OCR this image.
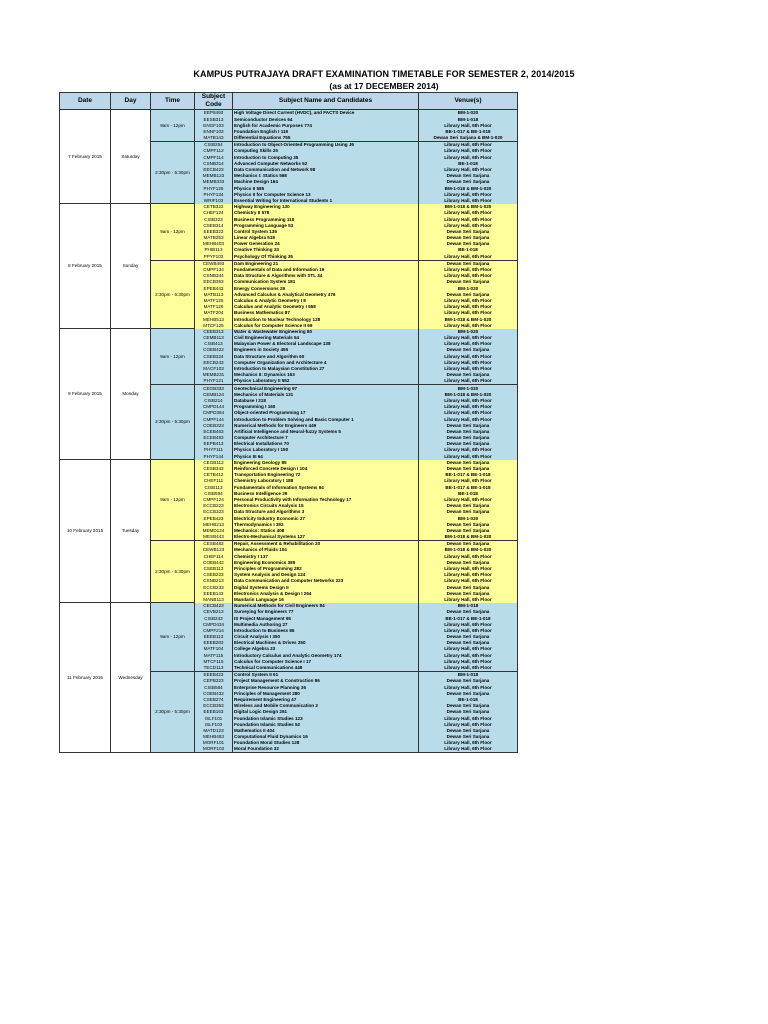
KAMPUS PUTRAJAYA DRAFT EXAMINATION TIMETABLE FOR SEMESTER 2, 2014/2015
(as at 17 DECEMBER 2014)
Date	Day	Time	Subject Code	Subject Name and Candidates	Venue(s)
7 February 2015	Saturday	9am - 12pm	EEP8493	High Voltage Direct Current (HVDC), and FACTS Device	BM-1-020
			EESB313	Semiconductor Devices 64	BM-1-018
			ENGF103	English for Academic Purposes 774	Library Hall, 6th Floor
			ENNF103	Foundation English I 119	BE-1-017 & BE-1-018
			MATB143	Differential Equations 755	Dewan Seri Sarjana & BM-1-020
		2:30pm - 5:30pm	CISB254	Introduction to Object-Oriented Programming Using J6	Library Hall, 6th Floor
			CMPF112	Computing Skills 25	Library Hall, 6th Floor
			CMPF114	Introduction to Computing 35	Library Hall, 6th Floor
			CSNB314	Advanced Computer Networks 52	BE-1-018
			EECB423	Data Communication and Network 98	Library Hall, 6th Floor
			MEMB123	Mechanics I: Statics 568	Dewan Seri Sarjana
			MEMB333	Machine Design 164	Dewan Seri Sarjana
			PHYF125	Physics II 585	BM-1-018 & BM-1-020
			PHYF134	Physics II for Computer Science 13	Library Hall, 6th Floor
			WRIF103	Essential Writing for International Students 1	Library Hall, 6th Floor
8 February 2015	Sunday	9am - 12pm	CETB322	Highway Engineering 130	BM-1-018 & BM-1-020
			CHEF124	Chemistry II 578	Library Hall, 6th Floor
			CISB323	Business Programming 110	Library Hall, 6th Floor
			CSEB314	Programming Language 53	Library Hall, 6th Floor
			EEEB323	Control System 135	Dewan Seri Sarjana
			MATB253	Linear Algebra 518	Dewan Seri Sarjana
			MEHB403	Power Generation 24	Dewan Seri Sarjana
			PHIB113	Creative Thinking 33	BE-1-018
			PPYF103	Psychology Of Thinking 35	Library Hall, 6th Floor
		2:30pm - 5:30pm	CEWB493	Dam Engineering 21	Dewan Seri Sarjana
			CMPF134	Fundamentals of Data and Information 19	Library Hall, 6th Floor
			CSNB344	Data Structure & Algorithms with STL 34	Library Hall, 6th Floor
			EECB353	Communication System 181	Dewan Seri Sarjana
			EPEB443	Energy Conversions 29	BM-1-020
			MATB113	Advanced Calculus & Analytical Geometry 476	Dewan Seri Sarjana
			MATF125	Calculus & Analytic Geometry I 8	Library Hall, 6th Floor
			MATF126	Calculus and Analytic Geometry I 558	Library Hall, 6th Floor
			MATF204	Business Mathematics 87	Library Hall, 6th Floor
			MEHB513	Introduction to Nuclear Technology 128	BM-1-018 & BM-1-020
			MTCF125	Calculus for Computer Science II 69	Library Hall, 6th Floor
9 February 2015	Monday	9am - 12pm	CEEB313	Water & Wastewater Engineering 80	BM-1-020
			CEMB113	Civil Engineering Materials 54	Library Hall, 6th Floor
			CISB413	Malaysian Power & Electoral Landscape 138	Library Hall, 6th Floor
			COEB422	Engineers in Society 455	Dewan Seri Sarjana
			CSEB324	Data Structure and Algorithm 60	Library Hall, 6th Floor
			EECB243	Computer Organization and Architecture 4	Library Hall, 6th Floor
			MACF103	Introduction to Malaysian Constitution 27	Library Hall, 6th Floor
			MEMB231	Mechanics II: Dynamics 163	Dewan Seri Sarjana
			PHYF121	Physics Laboratory II 552	Library Hall, 6th Floor
		2:30pm - 5:30pm	CEGB333	Geotechnical Engineering 97	BM-1-020
			CEMB124	Mechanics of Materials 131	BM-1-018 & BM-1-020
			CISB214	Database I 218	Library Hall, 6th Floor
			CMPD144	Programming I 160	Library Hall, 6th Floor
			CMPD364	Object-oriented Programming 17	Library Hall, 6th Floor
			CMPF144	Introduction to Problem Solving and Basic Computer 1	Library Hall, 6th Floor
			COEB323	Numerical Methods for Engineers 449	Dewan Seri Sarjana
			ECEB463	Artificial Intelligence and Neural-fuzzy Systems 5	Dewan Seri Sarjana
			ECEB483	Computer Architecture 7	Dewan Seri Sarjana
			EEPB413	Electrical Installations 70	Dewan Seri Sarjana
			PHYF111	Physics Laboratory I 150	Library Hall, 6th Floor
			PHYF144	Physics III 64	Library Hall, 6th Floor
10 February 2015	Tuesday	9am - 12pm	CEGB112	Engineering Geology 85	Dewan Seri Sarjana
			CESB343	Reinforced Concrete Design I 104	Dewan Seri Sarjana
			CETB412	Transportation Engineering 72	BE-1-017 & BE-1-018
			CHEF111	Chemistry Laboratory I 188	Library Hall, 6th Floor
			CISB113	Fundamentals of Information Systems 94	BE-1-017 & BE-1-018
			CISB594	Business Intelligence 29	BE-1-018
			CMPF124	Personal Productivity with Information Technology 17	Library Hall, 6th Floor
			ECCB223	Electronics Circuits Analysis 15	Dewan Seri Sarjana
			ECCB323	Data Structure and Algorithms 3	Dewan Seri Sarjana
			EPEB423	Electricity Industry Economic 27	BM-1-020
			MEHB213	Thermodynamics I 392	Dewan Seri Sarjana
			MEMD124	Mechanics: Statics 408	Dewan Seri Sarjana
			MESB443	Electro-Mechanical Systems 127	BM-1-018 & BM-1-020
		2:30pm - 5:30pm	CESB483	Repair, Assessment & Rehabilitation 20	Dewan Seri Sarjana
			CEWB123	Mechanics of Fluids 104	BM-1-018 & BM-1-020
			CHEF114	Chemistry I 137	Library Hall, 6th Floor
			COEB442	Engineering Economics 385	Dewan Seri Sarjana
			CSEB113	Principles of Programming 282	Library Hall, 6th Floor
			CSEB223	System Analysis and Design 124	Library Hall, 6th Floor
			CSNB213	Data Communication and Computer Networks 223	Library Hall, 6th Floor
			ECCB233	Digital Systems Design II	Dewan Seri Sarjana
			EEEB143	Electronics Analysis & Design I 264	Dewan Seri Sarjana
			MANB113	Mandarin Language 16	Library Hall, 6th Floor
11 February 2015	Wednesday	9am - 12pm	CECB423	Numerical Methods for Civil Engineers 84	BM-1-018
			CEVB213	Surveying for Engineers 77	Dewan Seri Sarjana
			CISB243	IS Project Management 95	BE-1-017 & BE-1-018
			CMPD434	Multimedia Authoring 27	Library Hall, 6th Floor
			CMPF214	Introduction to Business 86	Library Hall, 6th Floor
			EEEB113	Circuit Analysis I 350	Dewan Seri Sarjana
			EEEB283	Electrical Machines & Drives 250	Dewan Seri Sarjana
			MATF104	College Algebra 23	Library Hall, 6th Floor
			MATF115	Introductory Calculus and Analytic Geometry 174	Library Hall, 6th Floor
			MTCF115	Calculus for Computer Science I 17	Library Hall, 6th Floor
			TECD113	Technical Communications 448	Library Hall, 6th Floor
		2:30pm - 5:30pm	EEEB423	Control System II 61	BM-1-018
			CEPB323	Project Management & Construction 86	Dewan Seri Sarjana
			CISB584	Enterprise Resource Planning 36	Library Hall, 6th Floor
			COEB432	Principles of Management 280	Dewan Seri Sarjana
			CSEB274	Requirement Engineering 47	BE-1-018
			ECCB363	Wireless and Mobile Communication 2	Dewan Seri Sarjana
			EEEB163	Digital Logic Design 261	Dewan Seri Sarjana
			ISLF101	Foundation Islamic Studies 123	Library Hall, 6th Floor
			ISLF103	Foundation Islamic Studies 52	Library Hall, 6th Floor
			MATD123	Mathematics II 404	Dewan Seri Sarjana
			MEHB463	Computational Fluid Dynamics 16	Dewan Seri Sarjana
			MORF101	Foundation Moral Studies 128	Library Hall, 6th Floor
			MORF103	Moral Foundation 32	Library Hall, 6th Floor
